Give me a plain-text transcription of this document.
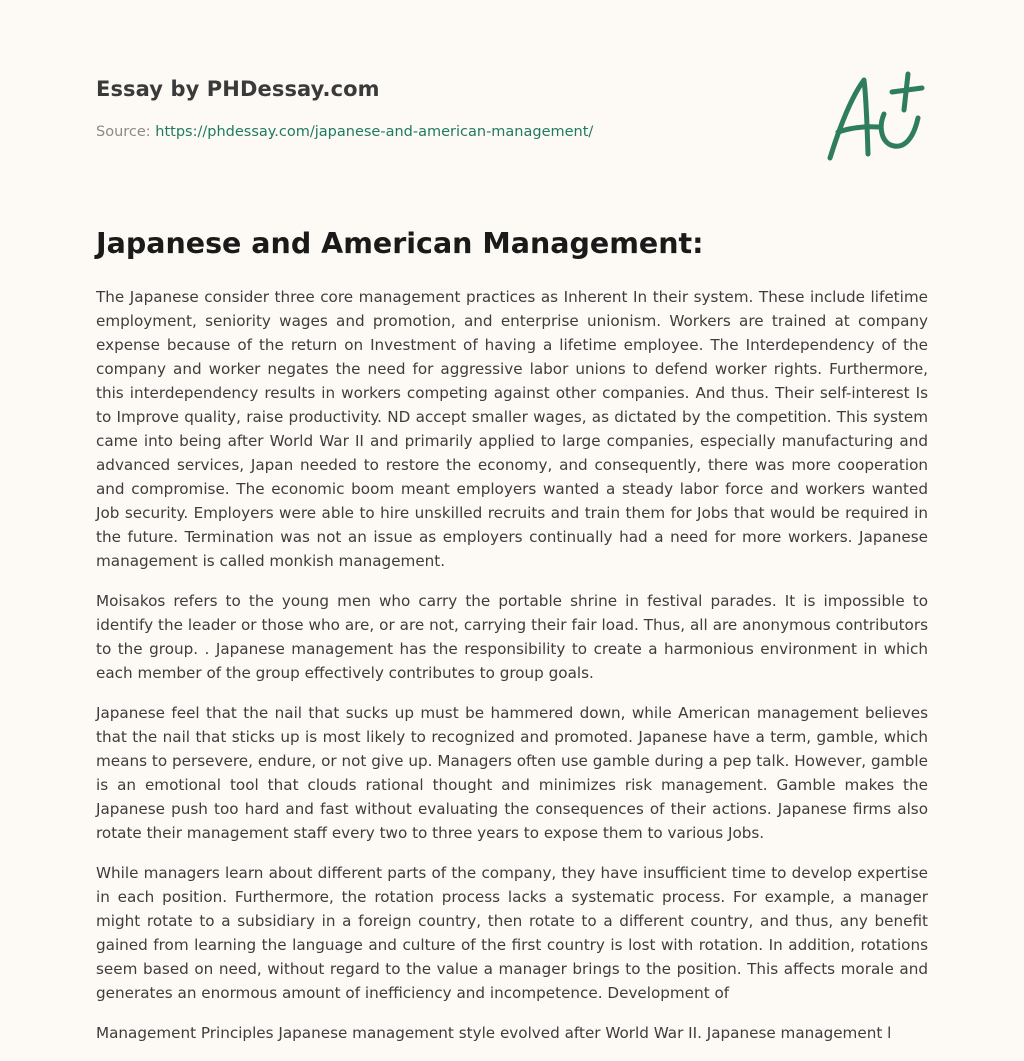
Essay by PHDessay.com
Source: https://phdessay.com/japanese-and-american-management/
Japanese and American Management:

The Japanese consider three core management practices as Inherent In their system. These include lifetime employment, seniority wages and promotion, and enterprise unionism. Workers are trained at company expense because of the return on Investment of having a lifetime employee. The Interdependency of the company and worker negates the need for aggressive labor unions to defend worker rights. Furthermore, this interdependency results in workers competing against other companies. And thus. Their self-interest Is to Improve quality, raise productivity. ND accept smaller wages, as dictated by the competition. This system came into being after World War II and primarily applied to large companies, especially manufacturing and advanced services, Japan needed to restore the economy, and consequently, there was more cooperation and compromise. The economic boom meant employers wanted a steady labor force and workers wanted Job security. Employers were able to hire unskilled recruits and train them for Jobs that would be required in the future. Termination was not an issue as employers continually had a need for more workers. Japanese management is called monkish management.

Moisakos refers to the young men who carry the portable shrine in festival parades. It is impossible to identify the leader or those who are, or are not, carrying their fair load. Thus, all are anonymous contributors to the group. . Japanese management has the responsibility to create a harmonious environment in which each member of the group effectively contributes to group goals.

Japanese feel that the nail that sucks up must be hammered down, while American management believes that the nail that sticks up is most likely to recognized and promoted. Japanese have a term, gamble, which means to persevere, endure, or not give up. Managers often use gamble during a pep talk. However, gamble is an emotional tool that clouds rational thought and minimizes risk management. Gamble makes the Japanese push too hard and fast without evaluating the consequences of their actions. Japanese firms also rotate their management staff every two to three years to expose them to various Jobs.

While managers learn about different parts of the company, they have insufficient time to develop expertise in each position. Furthermore, the rotation process lacks a systematic process. For example, a manager might rotate to a subsidiary in a foreign country, then rotate to a different country, and thus, any benefit gained from learning the language and culture of the first country is lost with rotation. In addition, rotations seem based on need, without regard to the value a manager brings to the position. This affects morale and generates an enormous amount of inefficiency and incompetence. Development of

Management Principles Japanese management style evolved after World War II. Japanese management l
